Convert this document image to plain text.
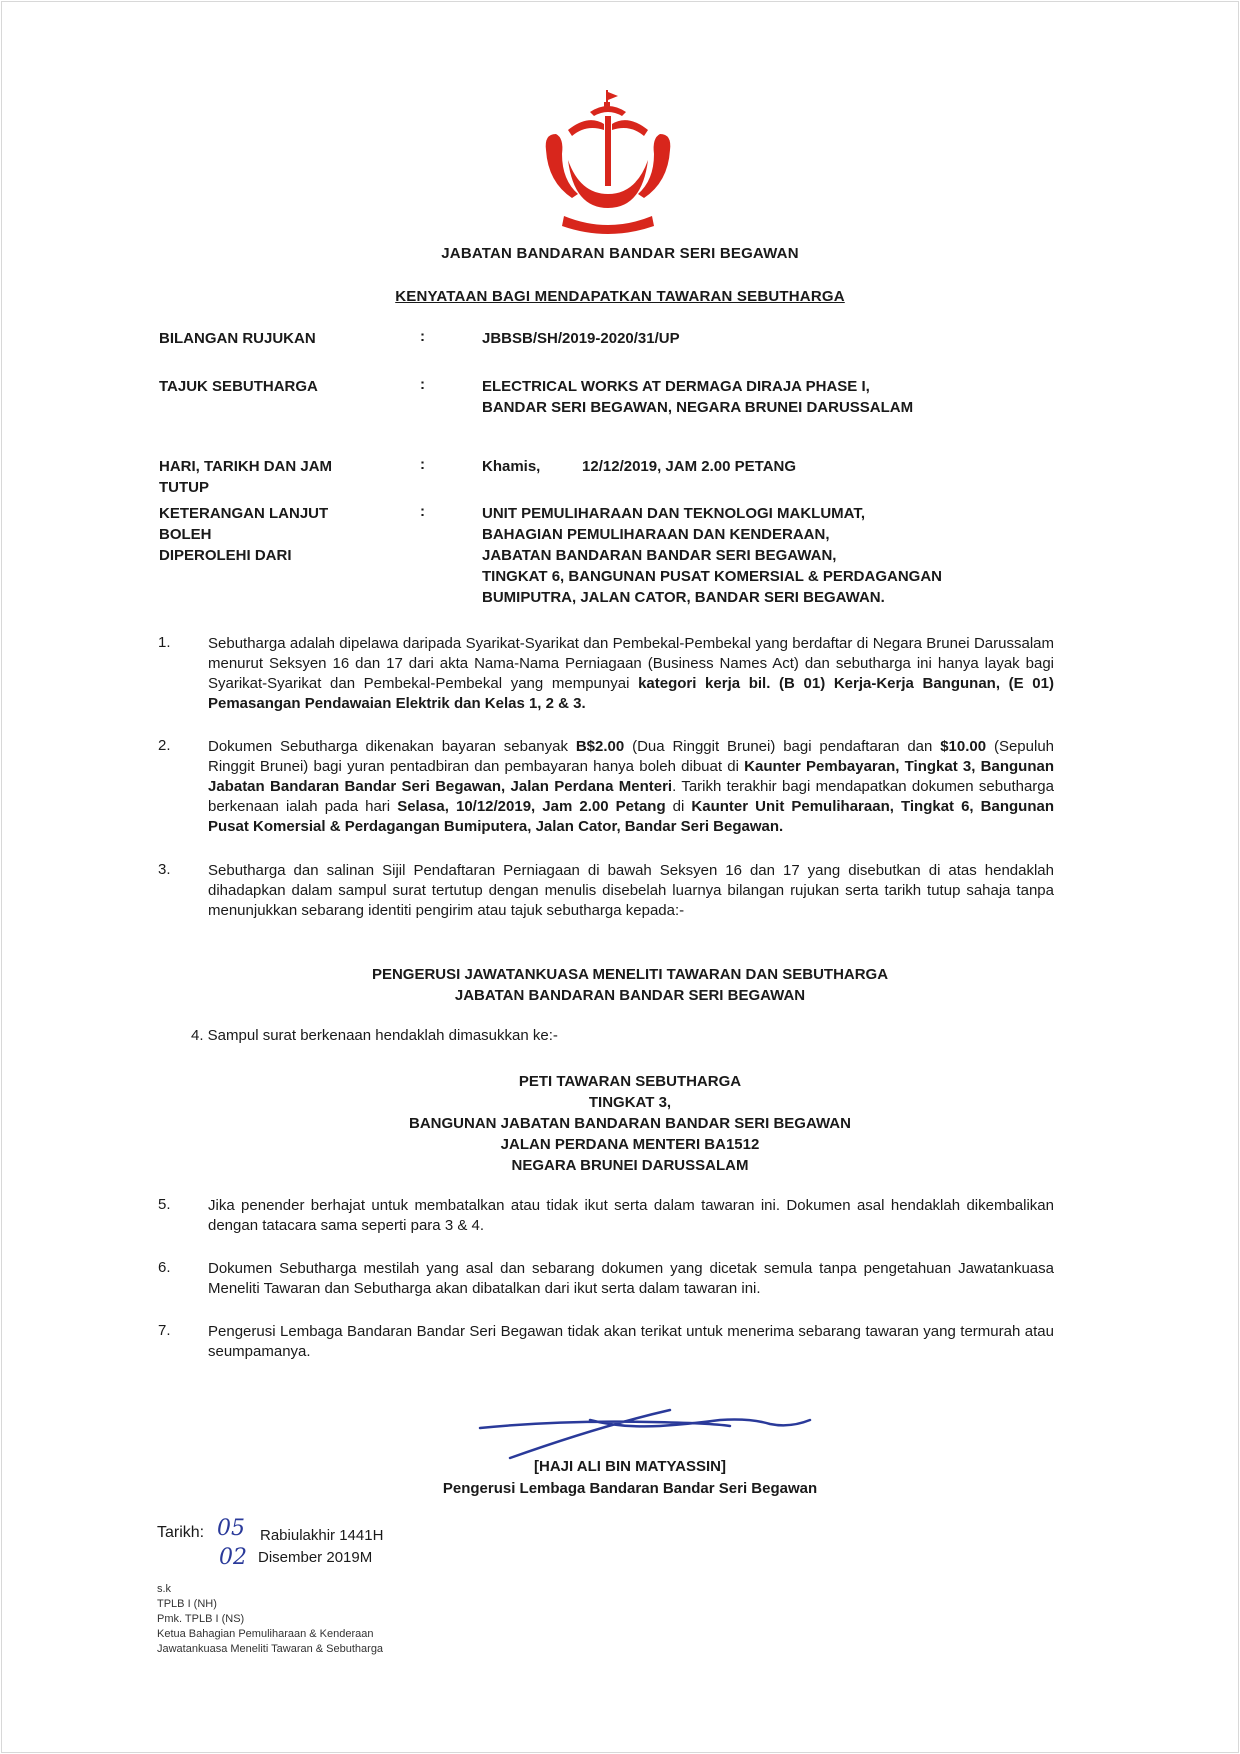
JABATAN BANDARAN BANDAR SERI BEGAWAN
KENYATAAN BAGI MENDAPATKAN TAWARAN SEBUTHARGA
BILANGAN RUJUKAN	:	JBBSB/SH/2019-2020/31/UP
TAJUK SEBUTHARGA	:	ELECTRICAL WORKS AT DERMAGA DIRAJA PHASE I,
BANDAR SERI BEGAWAN, NEGARA BRUNEI DARUSSALAM
HARI, TARIKH DAN JAM TUTUP
:	Khamis,          12/12/2019, JAM 2.00 PETANG
KETERANGAN LANJUT BOLEH
DIPEROLEHI DARI
:	UNIT PEMULIHARAAN DAN TEKNOLOGI MAKLUMAT,
BAHAGIAN PEMULIHARAAN DAN KENDERAAN,
JABATAN BANDARAN BANDAR SERI BEGAWAN,
TINGKAT 6, BANGUNAN PUSAT KOMERSIAL & PERDAGANGAN
BUMIPUTRA, JALAN CATOR, BANDAR SERI BEGAWAN.
1. Sebutharga adalah dipelawa daripada Syarikat-Syarikat dan Pembekal-Pembekal yang berdaftar di Negara Brunei Darussalam menurut Seksyen 16 dan 17 dari akta Nama-Nama Perniagaan (Business Names Act) dan sebutharga ini hanya layak bagi Syarikat-Syarikat dan Pembekal-Pembekal yang mempunyai kategori kerja bil. (B 01) Kerja-Kerja Bangunan, (E 01) Pemasangan Pendawaian Elektrik dan Kelas 1, 2 & 3.
2. Dokumen Sebutharga dikenakan bayaran sebanyak B$2.00 (Dua Ringgit Brunei) bagi pendaftaran dan $10.00 (Sepuluh Ringgit Brunei) bagi yuran pentadbiran dan pembayaran hanya boleh dibuat di Kaunter Pembayaran, Tingkat 3, Bangunan Jabatan Bandaran Bandar Seri Begawan, Jalan Perdana Menteri. Tarikh terakhir bagi mendapatkan dokumen sebutharga berkenaan ialah pada hari Selasa, 10/12/2019, Jam 2.00 Petang di Kaunter Unit Pemuliharaan, Tingkat 6, Bangunan Pusat Komersial & Perdagangan Bumiputera, Jalan Cator, Bandar Seri Begawan.
3. Sebutharga dan salinan Sijil Pendaftaran Perniagaan di bawah Seksyen 16 dan 17 yang disebutkan di atas hendaklah dihadapkan dalam sampul surat tertutup dengan menulis disebelah luarnya bilangan rujukan serta tarikh tutup sahaja tanpa menunjukkan sebarang identiti pengirim atau tajuk sebutharga kepada:-
PENGERUSI JAWATANKUASA MENELITI TAWARAN DAN SEBUTHARGA
JABATAN BANDARAN BANDAR SERI BEGAWAN
4. Sampul surat berkenaan hendaklah dimasukkan ke:-
PETI TAWARAN SEBUTHARGA
TINGKAT 3,
BANGUNAN JABATAN BANDARAN BANDAR SERI BEGAWAN
JALAN PERDANA MENTERI BA1512
NEGARA BRUNEI DARUSSALAM
5. Jika penender berhajat untuk membatalkan atau tidak ikut serta dalam tawaran ini. Dokumen asal hendaklah dikembalikan dengan tatacara sama seperti para 3 & 4.
6. Dokumen Sebutharga mestilah yang asal dan sebarang dokumen yang dicetak semula tanpa pengetahuan Jawatankuasa Meneliti Tawaran dan Sebutharga akan dibatalkan dari ikut serta dalam tawaran ini.
7. Pengerusi Lembaga Bandaran Bandar Seri Begawan tidak akan terikat untuk menerima sebarang tawaran yang termurah atau seumpamanya.
[HAJI ALI BIN MATYASSIN]
Pengerusi Lembaga Bandaran Bandar Seri Begawan
Tarikh: 05 Rabiulakhir 1441H
02 Disember 2019M
s.k
TPLB I (NH)
Pmk. TPLB I (NS)
Ketua Bahagian Pemuliharaan & Kenderaan
Jawatankuasa Meneliti Tawaran & Sebutharga
